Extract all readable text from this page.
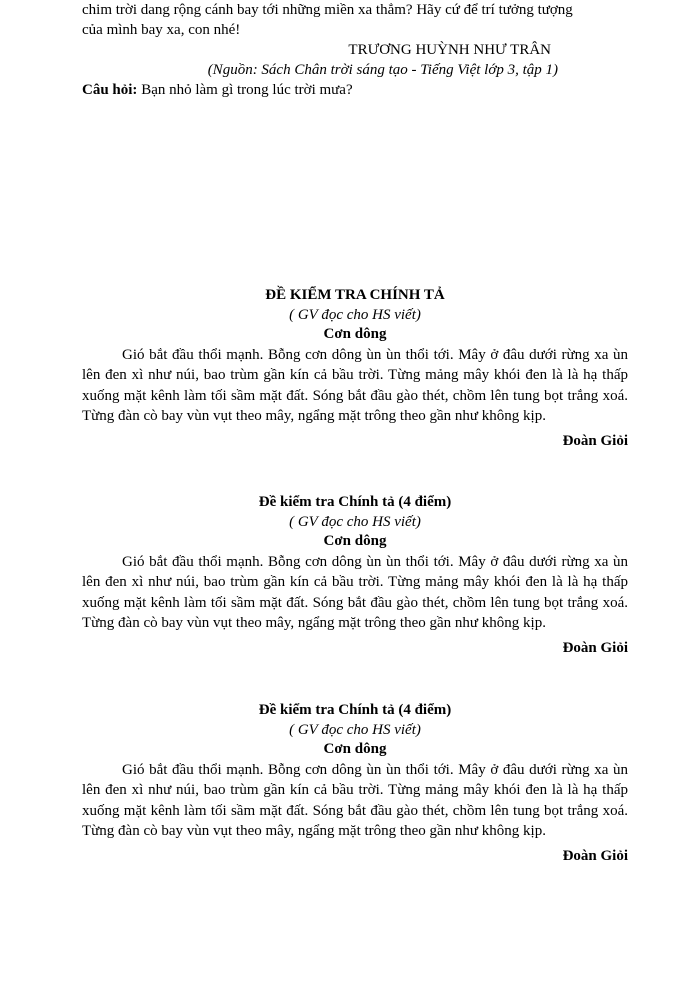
chim trời dang rộng cánh bay tới những miền xa thẳm? Hãy cứ để trí tưởng tượng
của mình bay xa, con nhé!
TRƯƠNG HUỲNH NHƯ TRÂN
(Nguồn: Sách Chân trời sáng tạo - Tiếng Việt lớp 3, tập 1)
Câu hỏi: Bạn nhỏ làm gì trong lúc trời mưa?
ĐỀ KIỂM TRA CHÍNH TẢ
( GV đọc cho HS viết)
Cơn dông
Gió bắt đầu thổi mạnh. Bỗng cơn dông ùn ùn thổi tới. Mây ở đâu dưới rừng xa ùn lên đen xì như núi, bao trùm gần kín cả bầu trời. Từng mảng mây khói đen là là hạ thấp xuống mặt kênh làm tối sầm mặt đất. Sóng bắt đầu gào thét, chồm lên tung bọt trắng xoá. Từng đàn cò bay vùn vụt theo mây, ngẩng mặt trông theo gần như không kịp.
Đoàn Giỏi
Đề kiểm tra Chính tả (4 điểm)
( GV đọc cho HS viết)
Cơn dông
Gió bắt đầu thổi mạnh. Bỗng cơn dông ùn ùn thổi tới. Mây ở đâu dưới rừng xa ùn lên đen xì như núi, bao trùm gần kín cả bầu trời. Từng mảng mây khói đen là là hạ thấp xuống mặt kênh làm tối sầm mặt đất. Sóng bắt đầu gào thét, chồm lên tung bọt trắng xoá. Từng đàn cò bay vùn vụt theo mây, ngẩng mặt trông theo gần như không kịp.
Đoàn Giỏi
Đề kiểm tra Chính tả (4 điểm)
( GV đọc cho HS viết)
Cơn dông
Gió bắt đầu thổi mạnh. Bỗng cơn dông ùn ùn thổi tới. Mây ở đâu dưới rừng xa ùn lên đen xì như núi, bao trùm gần kín cả bầu trời. Từng mảng mây khói đen là là hạ thấp xuống mặt kênh làm tối sầm mặt đất. Sóng bắt đầu gào thét, chồm lên tung bọt trắng xoá. Từng đàn cò bay vùn vụt theo mây, ngẩng mặt trông theo gần như không kịp.
Đoàn Giỏi
